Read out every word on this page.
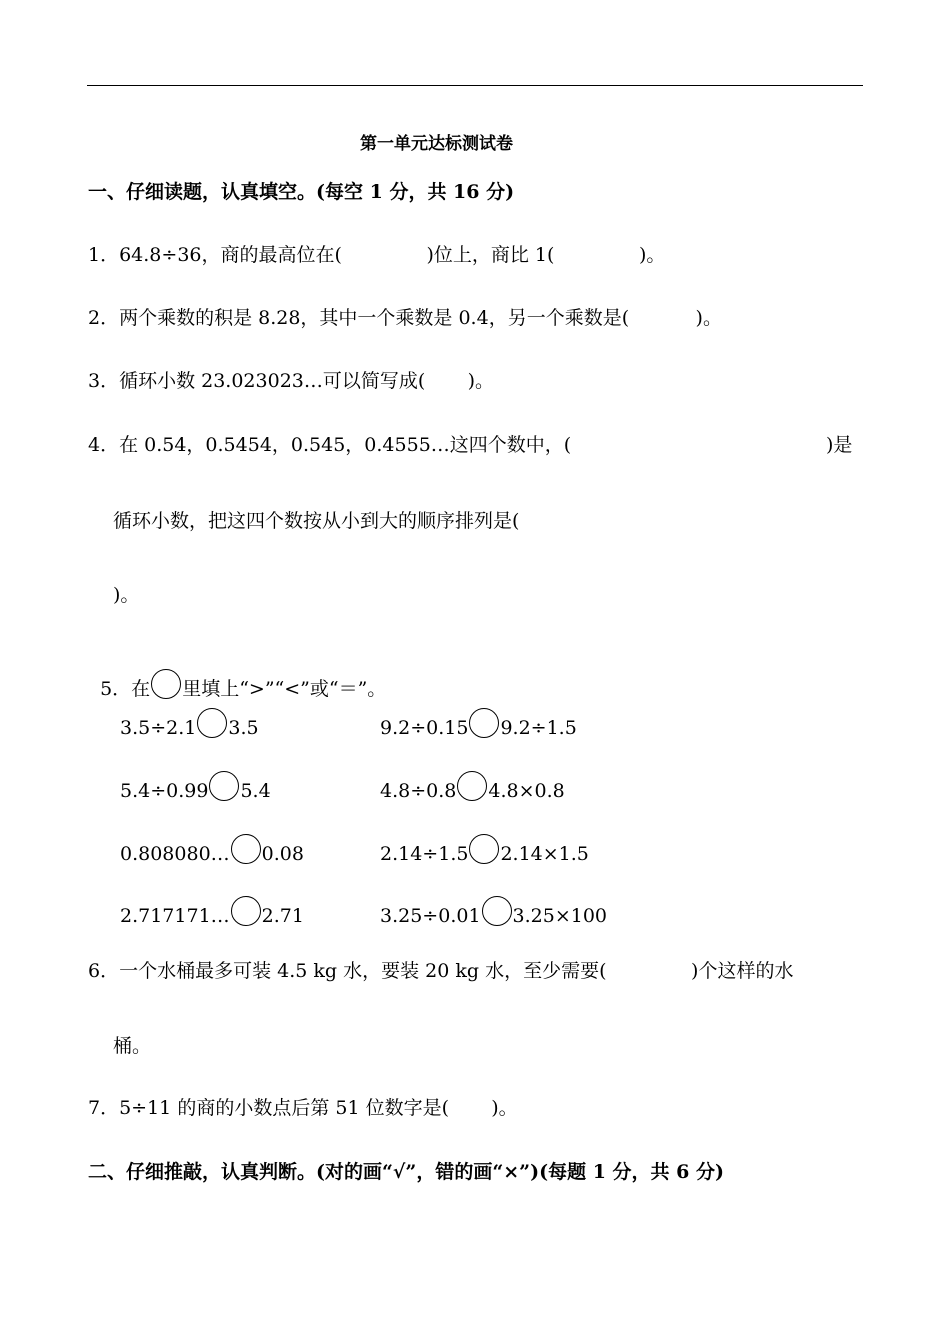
第一单元达标测试卷
一、仔细读题，认真填空。(每空 1 分，共 16 分)
1．64.8÷36，商的最高位在(              )位上，商比 1(              )。
2．两个乘数的积是 8.28，其中一个乘数是 0.4，另一个乘数是(           )。
3．循环小数 23.023023…可以简写成(       )。
4．在 0.54，0.5454，0.545，0.4555…这四个数中，(	)是
循环小数，把这四个数按从小到大的顺序排列是(
)。

5．在 里填上“>”“<”或“＝”。

3.5÷2.1 3.5	9.2÷0.15 9.2÷1.5
5.4÷0.99 5.4	4.8÷0.8 4.8×0.8
0.808080… 0.08	2.14÷1.5 2.14×1.5
2.717171… 2.71	3.25÷0.01 3.25×100
6．一个水桶最多可装 4.5 kg 水，要装 20 kg 水，至少需要(              )个这样的水
桶。
7．5÷11 的商的小数点后第 51 位数字是(       )。
二、仔细推敲，认真判断。(对的画“√”，错的画“×”)(每题 1 分，共 6 分)
